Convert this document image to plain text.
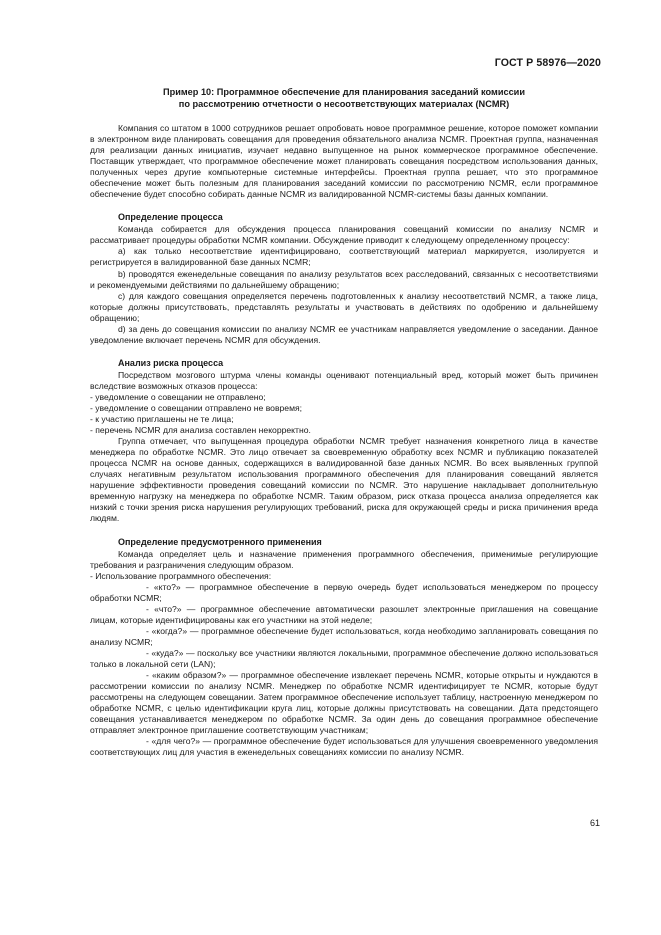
ГОСТ Р 58976—2020
Пример 10: Программное обеспечение для планирования заседаний комиссии
по рассмотрению отчетности о несоответствующих материалах (NCMR)

Компания со штатом в 1000 сотрудников решает опробовать новое программное решение, которое поможет компании в электронном виде планировать совещания для проведения обязательного анализа NCMR. Проектная группа, назначенная для реализации данных инициатив, изучает недавно выпущенное на рынок коммерческое программное обеспечение. Поставщик утверждает, что программное обеспечение может планировать совещания посредством использования данных, полученных через другие компьютерные системные интерфейсы. Проектная группа решает, что это программное обеспечение может быть полезным для планирования заседаний комиссии по рассмотрению NCMR, если программное обеспечение будет способно собирать данные NCMR из валидированной NCMR-системы базы данных компании.

Определение процесса

Команда собирается для обсуждения процесса планирования совещаний комиссии по анализу NCMR и рассматривает процедуры обработки NCMR компании. Обсуждение приводит к следующему определенному процессу:

a) как только несоответствие идентифицировано, соответствующий материал маркируется, изолируется и регистрируется в валидированной базе данных NCMR;

b) проводятся еженедельные совещания по анализу результатов всех расследований, связанных с несоответствиями и рекомендуемыми действиями по дальнейшему обращению;

c) для каждого совещания определяется перечень подготовленных к анализу несоответствий NCMR, а также лица, которые должны присутствовать, представлять результаты и участвовать в действиях по одобрению и дальнейшему обращению;

d) за день до совещания комиссии по анализу NCMR ее участникам направляется уведомление о заседании. Данное уведомление включает перечень NCMR для обсуждения.

Анализ риска процесса

Посредством мозгового штурма члены команды оценивают потенциальный вред, который может быть причинен вследствие возможных отказов процесса:

- уведомление о совещании не отправлено;

- уведомление о совещании отправлено не вовремя;

- к участию приглашены не те лица;

- перечень NCMR для анализа составлен некорректно.

Группа отмечает, что выпущенная процедура обработки NCMR требует назначения конкретного лица в качестве менеджера по обработке NCMR. Это лицо отвечает за своевременную обработку всех NCMR и публикацию показателей процесса NCMR на основе данных, содержащихся в валидированной базе данных NCMR. Во всех выявленных группой случаях негативным результатом использования программного обеспечения для планирования совещаний является нарушение эффективности проведения совещаний комиссии по NCMR. Это нарушение накладывает дополнительную временную нагрузку на менеджера по обработке NCMR. Таким образом, риск отказа процесса анализа определяется как низкий с точки зрения риска нарушения регулирующих требований, риска для окружающей среды и риска причинения вреда людям.

Определение предусмотренного применения

Команда определяет цель и назначение применения программного обеспечения, применимые регулирующие требования и разграничения следующим образом.

- Использование программного обеспечения:

- «кто?» — программное обеспечение в первую очередь будет использоваться менеджером по процессу обработки NCMR;

- «что?» — программное обеспечение автоматически разошлет электронные приглашения на совещание лицам, которые идентифицированы как его участники на этой неделе;

- «когда?» — программное обеспечение будет использоваться, когда необходимо запланировать совещания по анализу NCMR;

- «куда?» — поскольку все участники являются локальными, программное обеспечение должно использоваться только в локальной сети (LAN);

- «каким образом?» — программное обеспечение извлекает перечень NCMR, которые открыты и нуждаются в рассмотрении комиссии по анализу NCMR. Менеджер по обработке NCMR идентифицирует те NCMR, которые будут рассмотрены на следующем совещании. Затем программное обеспечение использует таблицу, настроенную менеджером по обработке NCMR, с целью идентификации круга лиц, которые должны присутствовать на совещании. Дата предстоящего совещания устанавливается менеджером по обработке NCMR. За один день до совещания программное обеспечение отправляет электронное приглашение соответствующим участникам;

- «для чего?» — программное обеспечение будет использоваться для улучшения своевременного уведомления соответствующих лиц для участия в еженедельных совещаниях комиссии по анализу NCMR.

61
